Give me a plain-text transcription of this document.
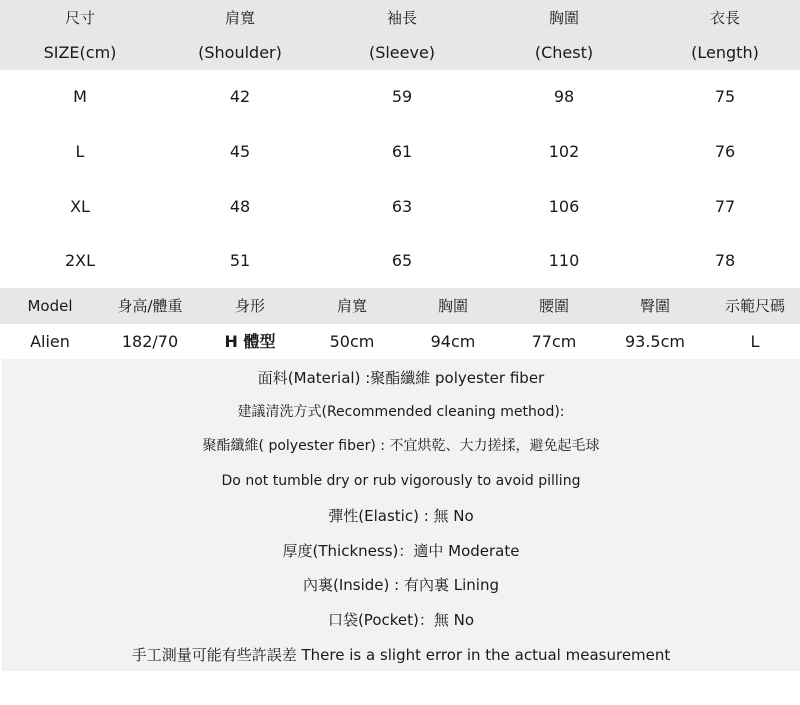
尺寸	肩寬	袖長	胸圍	衣長
SIZE(cm)	(Shoulder)	(Sleeve)	(Chest)	(Length)
M	42	59	98	75
L	45	61	102	76
XL	48	63	106	77
2XL	51	65	110	78
Model	身高/體重	身形	肩寬	胸圍	腰圍	臀圍	示範尺碼
Alien	182/70	H 體型	50cm	94cm	77cm	93.5cm	L
面料(Material) :聚酯纖維 polyester fiber
建議清洗方式(Recommended cleaning method):
聚酯纖維( polyester fiber) : 不宜烘乾、大力搓揉，避免起毛球
Do not tumble dry or rub vigorously to avoid pilling
彈性(Elastic) : 無 No
厚度(Thickness)：適中 Moderate
內裏(Inside) : 有內裏 Lining
口袋(Pocket)：無 No
手工測量可能有些許誤差 There is a slight error in the actual measurement
